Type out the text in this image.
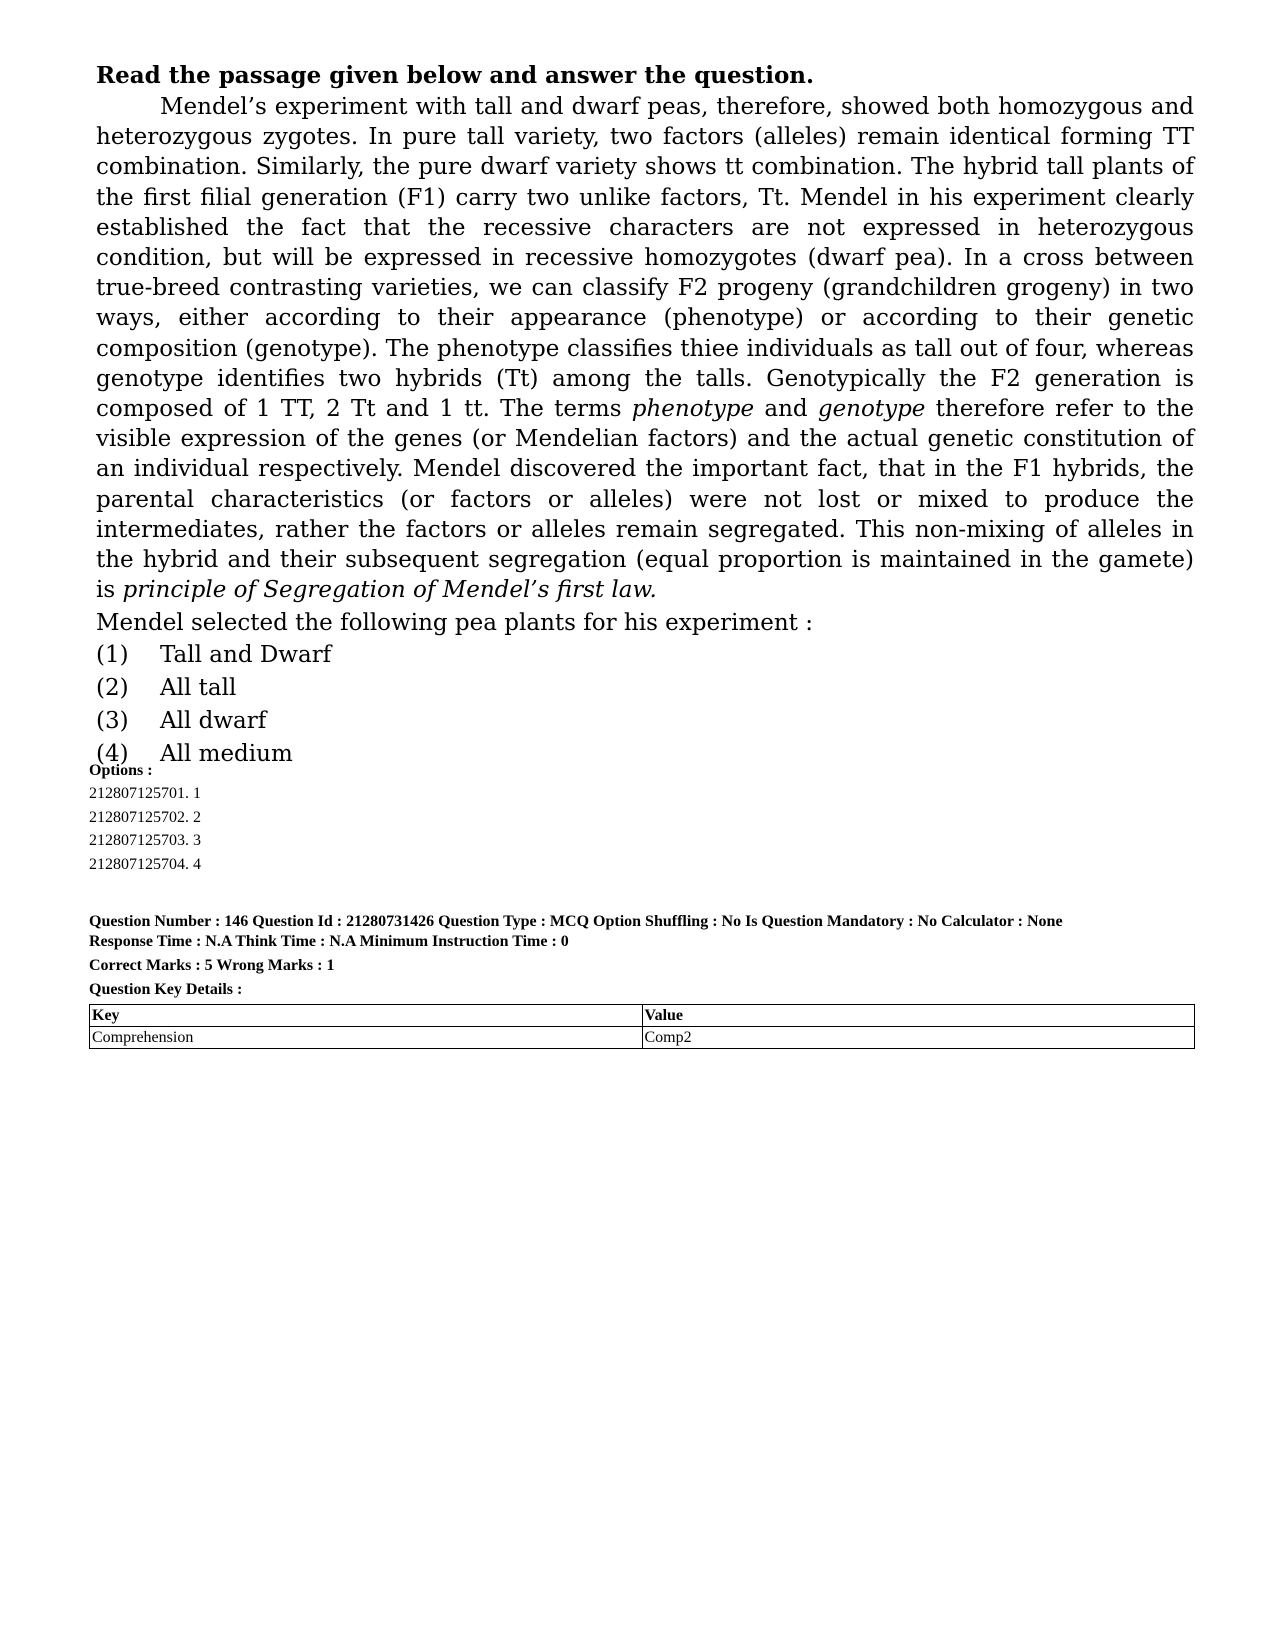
Read the passage given below and answer the question.

Mendel’s experiment with tall and dwarf peas, therefore, showed both homozygous and heterozygous zygotes. In pure tall variety, two factors (alleles) remain identical forming TT combination. Similarly, the pure dwarf variety shows tt combination. The hybrid tall plants of the first filial generation (F1) carry two unlike factors, Tt. Mendel in his experiment clearly established the fact that the recessive characters are not expressed in heterozygous condition, but will be expressed in recessive homozygotes (dwarf pea). In a cross between true-breed contrasting varieties, we can classify F2 progeny (grandchildren grogeny) in two ways, either according to their appearance (phenotype) or according to their genetic composition (genotype). The phenotype classifies thiee individuals as tall out of four, whereas genotype identifies two hybrids (Tt) among the talls. Genotypically the F2 generation is composed of 1 TT, 2 Tt and 1 tt. The terms phenotype and genotype therefore refer to the visible expression of the genes (or Mendelian factors) and the actual genetic constitution of an individual respectively. Mendel discovered the important fact, that in the F1 hybrids, the parental characteristics (or factors or alleles) were not lost or mixed to produce the intermediates, rather the factors or alleles remain segregated. This non-mixing of alleles in the hybrid and their subsequent segregation (equal proportion is maintained in the gamete) is principle of Segregation of Mendel’s first law.

Mendel selected the following pea plants for his experiment :

(1)	Tall and Dwarf
(2)	All tall
(3)	All dwarf
(4)	All medium

Options :

212807125701. 1
212807125702. 2
212807125703. 3
212807125704. 4
Question Number : 146 Question Id : 21280731426 Question Type : MCQ Option Shuffling : No Is Question Mandatory : No Calculator : None
Response Time : N.A Think Time : N.A Minimum Instruction Time : 0
Correct Marks : 5 Wrong Marks : 1
Question Key Details :
Key	Value
Comprehension	Comp2
